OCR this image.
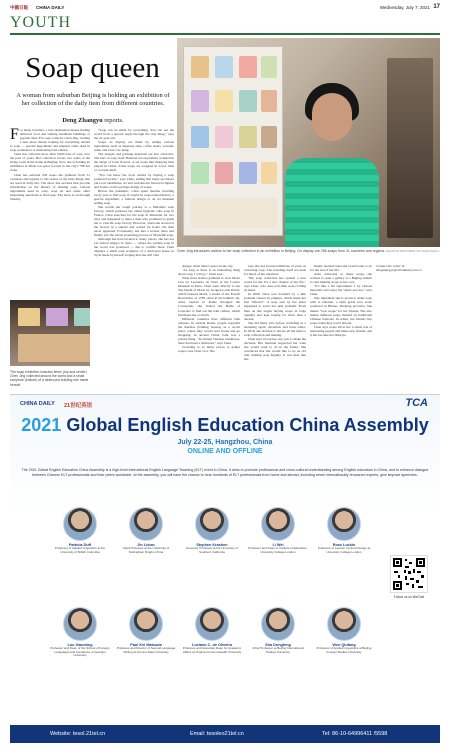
中國日報 CHINA DAILY	Wednesday, July 7, 2021 17
YOUTH
Soap queen
A woman from suburban Beijing is holding an exhibition of her collection of the daily item from different countries.
Deng Zhangyu reports.
Chen Jing introduces visitors to her soap collection in an exhibition in Beijing. On display are 256 soaps from 31 countries and regions. PHOTOS PROVIDED TO CHINA DAILY

For many travelers, a new destination means finding delicious food and visiting landmark buildings or popular sites. For soap collector Chen Jing, visiting a new place means looking for everything related to soap — special ingredients and unusual crafts used in soap production or interesting bath culture.

Chen has collected more than 3,000 bars of soap over the past 11 years. Her collection covers two walls of the living room in her home in Beijing. Now, she is holding an exhibition at Mosh Gu space located in the city's 798 Art Zone.

Chen has selected 256 soaps she gathered from 31 countries and regions to tell stories of the little things that are used in daily life. The show has sections that provide information on the history of making soap, various ingredients used in soap, soap art and some other interesting anecdotes to find soap. The show is on through Sunday.

"Soap can be made by everything. You can see the world from a special angle through the tiny thing," says the 41-year-old.

Soaps on display are made by adding various ingredients, such as Japanese sake, coffee beans, volcanic ashes and even cow dung.

The designs and packing materials are also attractive. The bars of soap from Thailand are exquisitely sculpted in the shape of lotus flowers. A set looks like mahjong tiles played in China. Some soaps are wrapped in wood, bark or coconut shell.

"You can know the local culture by buying a soap produced locally," says Chen, adding that many producers put local landmarks, art and well-known historical figures and events on the package design of soaps.

Before the pandemic, Chen spent months traveling every year to find soap. It would be soap-related history, a special ingredient, a famous design or an art museum selling soap.

She recalls her tough journey to a Marseille soap factory, which produces the oldest hygienic cube soap in France. Chen searched for the soap in Marseille for two days and happened to meet a man who promised to guide her to visit the soap factory. However, when she arrived at the factory in a suburb and waited for hours, the man never appeared. Fortunately, she met a worker there and finally saw the whole producing process of Marseille soap.

Although she had traveled to many places, she has not yet visited Aleppo in Syria — where the earliest soap in the world was produced — due to conflict there. Chen displays a small soap sculpture of a destroyed house in Syria made by herself, hoping that she will visit

Aleppo when there's peace in the city.

"As long as there is an interesting thing about soap, I will go," Chen says.

What most visitors gathered to view Mona Lisa by Leonardo da Vinci at the Louvre Museum in Paris, Chen went directly to see The Death of Marat by Jacques-Louis David, which features Marat, a leader of the French Revolution of 1789, dead in his bathtub. Or, when tourists in Rome thronged the Colosseum, she visited the Baths of Caracalla to find out the bath culture, which fascinates her so much.

Different countries have different bath cultures. In ancient Rome, people regarded the thermae (bathing houses) as a social place, where they would read books and go shopping. In ancient China, bath was a private thing. "In ancient Chinese residences, there had been a bathroom," says Chen.

Traveling to so many places to gather soaps costs Chen a lot. She

says she has invested millions of yuan on collecting soap. The traveling itself accounts for much of her expenses.

"My soap collection has opened a new world for me. It's a new chapter of my life," says Chen, who does part-time soap-crafting by hand.

In 2009, Chen was troubled by a skin problem caused by pimples, which made her feel "inferior". A soap sent by her sister happened to solve her skin problem. From then on she began buying soaps in large quantity and kept buying for more than a decade.

She did many jobs before, including as a modeling agent, advertiser and book editor. In 2016, she decided to devote all her time to soap collection and making.

Chen says it took her one year to make the decision. Her husband supported her what she would want to do in the future. She convinced that she would like to be an old lady making soap happily. It was then that she

finally decided what she would want to do for the rest of her life.

After collecting so many soaps, she wanted to open a gallery at a Beijing suburb to start making soaps as her own.

"It's like a lab experiment. I try various materials and enjoy the whole process," says Chen.

One ingredient she is proud to make soap with is bauxian, a light grade iron stone produced in Hunan, Zhejiang province. She makes "love soaps" for her friends. She also makes different soaps themed on traditional Chinese festivals. In return, her friends buy soaps when they travel abroad.

Chen says soaps allow her to meet lots of interesting people and make new friends, and it has become her lifestyle.

Contact the writer at dengzhangyu@chinadaily.com.cn
CHINA DAILY 21世纪英语	TCA
2021 Global English Education China Assembly
July 22-25, Hangzhou, China
ONLINE AND OFFLINE
The 2021 Global English Education China Assembly is a high-level international English Language Teaching (ELT) event in China. It aims to promote professional and cross-cultural understanding among English educators in China, and to enhance dialogue between Chinese ELT professionals and their peers worldwide. At the assembly, you will have the chance to hear hundreds of ELT professionals from home and abroad, including seven internationally renowned experts, give keynote speeches.
Patricia Duff
Professor of Applied Linguistics at the University of British Columbia
Jin Lixian
Chief Professor at the University of Nottingham Ningbo China
Stephen Krashen
Honorary Professor at the University of Southern California
Li Wei
Professor and Dean of Institute of Education, University College London
Rose Luckin
Professor of Learner Centred Design at University College London
Luo Xiaoming
Professor and Dean of the School of Foreign Languages and Literatures of Guangxi University
Paul Kei Matsuda
Professor and Director of Second Language Writing at Arizona State University
Luciano C. de Oliveira
Professor and Associate Dean for Academic Affairs at Virginia Commonwealth University
Sha Dongfeng
Chief Professor at Beijing International Studies University
Wen Qiufang
Professor of Applied Linguistics at Beijing Foreign Studies University
Follow us on WeChat
Website: tesol.21tel.cn	Email: tesoleo21tel.cn	Tel: 86-10-64996411 /5598
The soap exhibition includes items (top and center) Chen Jing collected around the world and a small sculpture (bottom) of a destroyed building she made herself.
